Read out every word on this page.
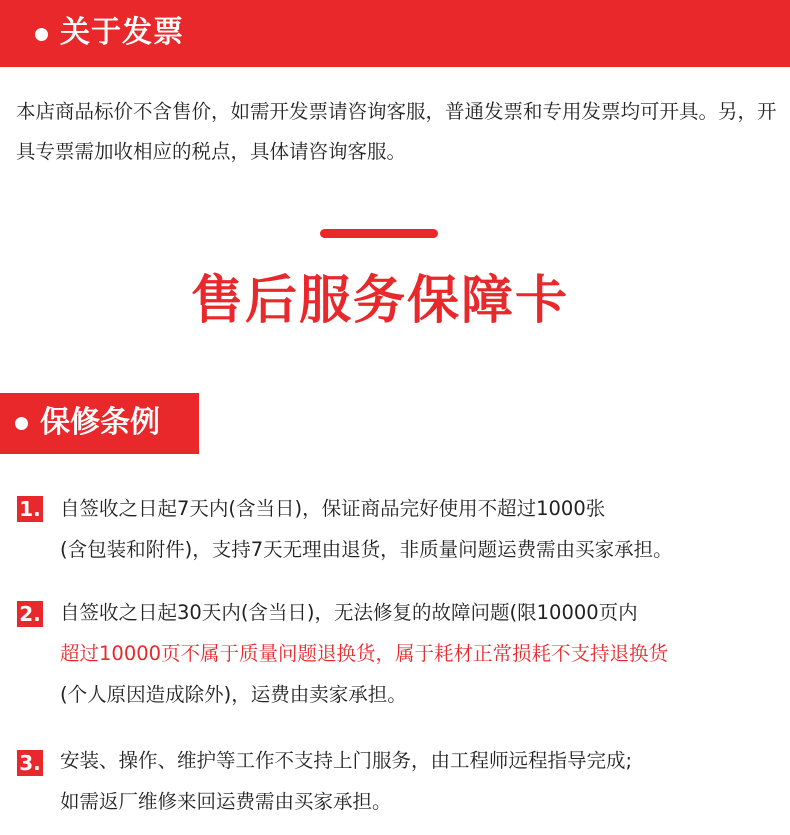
关于发票
本店商品标价不含售价，如需开发票请咨询客服，普通发票和专用发票均可开具。另，开具专票需加收相应的税点，具体请咨询客服。
售后服务保障卡
保修条例
1. 自签收之日起7天内(含当日)，保证商品完好使用不超过1000张
(含包装和附件)，支持7天无理由退货，非质量问题运费需由买家承担。
2. 自签收之日起30天内(含当日)，无法修复的故障问题(限10000页内
超过10000页不属于质量问题退换货，属于耗材正常损耗不支持退换货
(个人原因造成除外)，运费由卖家承担。
3. 安装、操作、维护等工作不支持上门服务，由工程师远程指导完成;
如需返厂维修来回运费需由买家承担。
